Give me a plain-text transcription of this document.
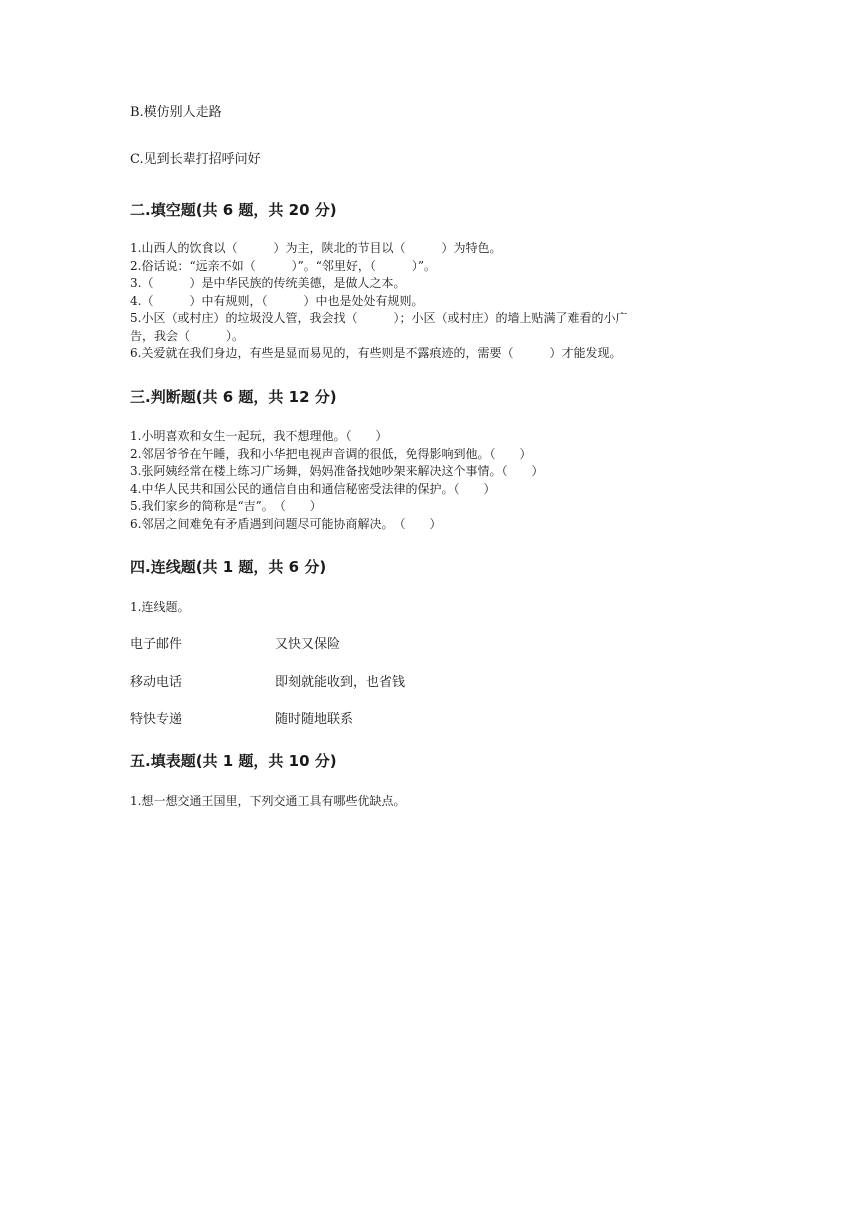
B.模仿别人走路
C.见到长辈打招呼问好
二.填空题(共 6 题，共 20 分)
1.山西人的饮食以（　　　）为主，陕北的节目以（　　　）为特色。
2.俗话说：“远亲不如（　　　）”。“邻里好，（　　　）”。
3.（　　　）是中华民族的传统美德，是做人之本。
4.（　　　）中有规则，（　　　）中也是处处有规则。
5.小区（或村庄）的垃圾没人管，我会找（　　　）；小区（或村庄）的墙上贴满了难看的小广
告，我会（　　　）。
6.关爱就在我们身边，有些是显而易见的，有些则是不露痕迹的，需要（　　　）才能发现。
三.判断题(共 6 题，共 12 分)
1.小明喜欢和女生一起玩，我不想理他。（　　）
2.邻居爷爷在午睡，我和小华把电视声音调的很低，免得影响到他。（　　）
3.张阿姨经常在楼上练习广场舞，妈妈准备找她吵架来解决这个事情。（　　）
4.中华人民共和国公民的通信自由和通信秘密受法律的保护。（　　）
5.我们家乡的简称是“吉”。　（　　）
6.邻居之间难免有矛盾遇到问题尽可能协商解决。　（　　）
四.连线题(共 1 题，共 6 分)
1.连线题。
电子邮件	又快又保险
移动电话	即刻就能收到，也省钱
特快专递	随时随地联系
五.填表题(共 1 题，共 10 分)
1.想一想交通王国里，下列交通工具有哪些优缺点。
